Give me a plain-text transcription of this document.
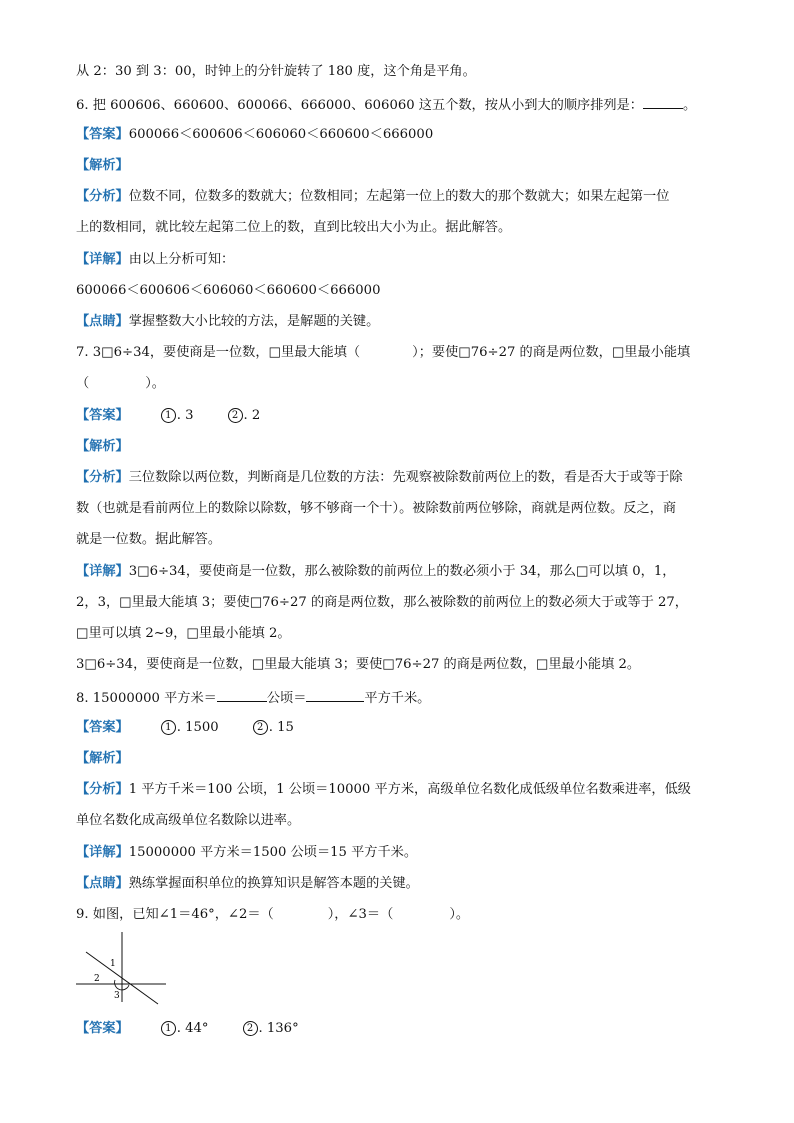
从 2：30 到 3：00，时钟上的分针旋转了 180 度，这个角是平角。
6. 把 600606、660600、600066、666000、606060 这五个数，按从小到大的顺序排列是：	。
【答案】600066＜600606＜606060＜660600＜666000
【解析】
【分析】位数不同，位数多的数就大；位数相同；左起第一位上的数大的那个数就大；如果左起第一位
上的数相同，就比较左起第二位上的数，直到比较出大小为止。据此解答。
【详解】由以上分析可知：
600066＜600606＜606060＜660600＜666000
【点睛】掌握整数大小比较的方法，是解题的关键。
7. 3□6÷34，要使商是一位数，□里最大能填（	）；要使□76÷27 的商是两位数，□里最小能填
（	）。
【答案】	1 . 3	2 . 2
【解析】
【分析】三位数除以两位数，判断商是几位数的方法：先观察被除数前两位上的数，看是否大于或等于除
数（也就是看前两位上的数除以除数，够不够商一个十）。被除数前两位够除，商就是两位数。反之，商
就是一位数。据此解答。
【详解】3□6÷34，要使商是一位数，那么被除数的前两位上的数必须小于 34，那么□可以填 0，1，
2，3，□里最大能填 3；要使□76÷27 的商是两位数，那么被除数的前两位上的数必须大于或等于 27，
□里可以填 2~9，□里最小能填 2。
3□6÷34，要使商是一位数，□里最大能填 3；要使□76÷27 的商是两位数，□里最小能填 2。
8. 15000000 平方米＝	公顷＝	平方千米。
【答案】	1 . 1500	2 . 15
【解析】
【分析】1 平方千米＝100 公顷，1 公顷＝10000 平方米，高级单位名数化成低级单位名数乘进率，低级
单位名数化成高级单位名数除以进率。
【详解】15000000 平方米＝1500 公顷＝15 平方千米。
【点睛】熟练掌握面积单位的换算知识是解答本题的关键。
9. 如图，已知∠1＝46°，∠2＝（	），∠3＝（	）。
1
2
3
【答案】	1 . 44°	2 . 136°
